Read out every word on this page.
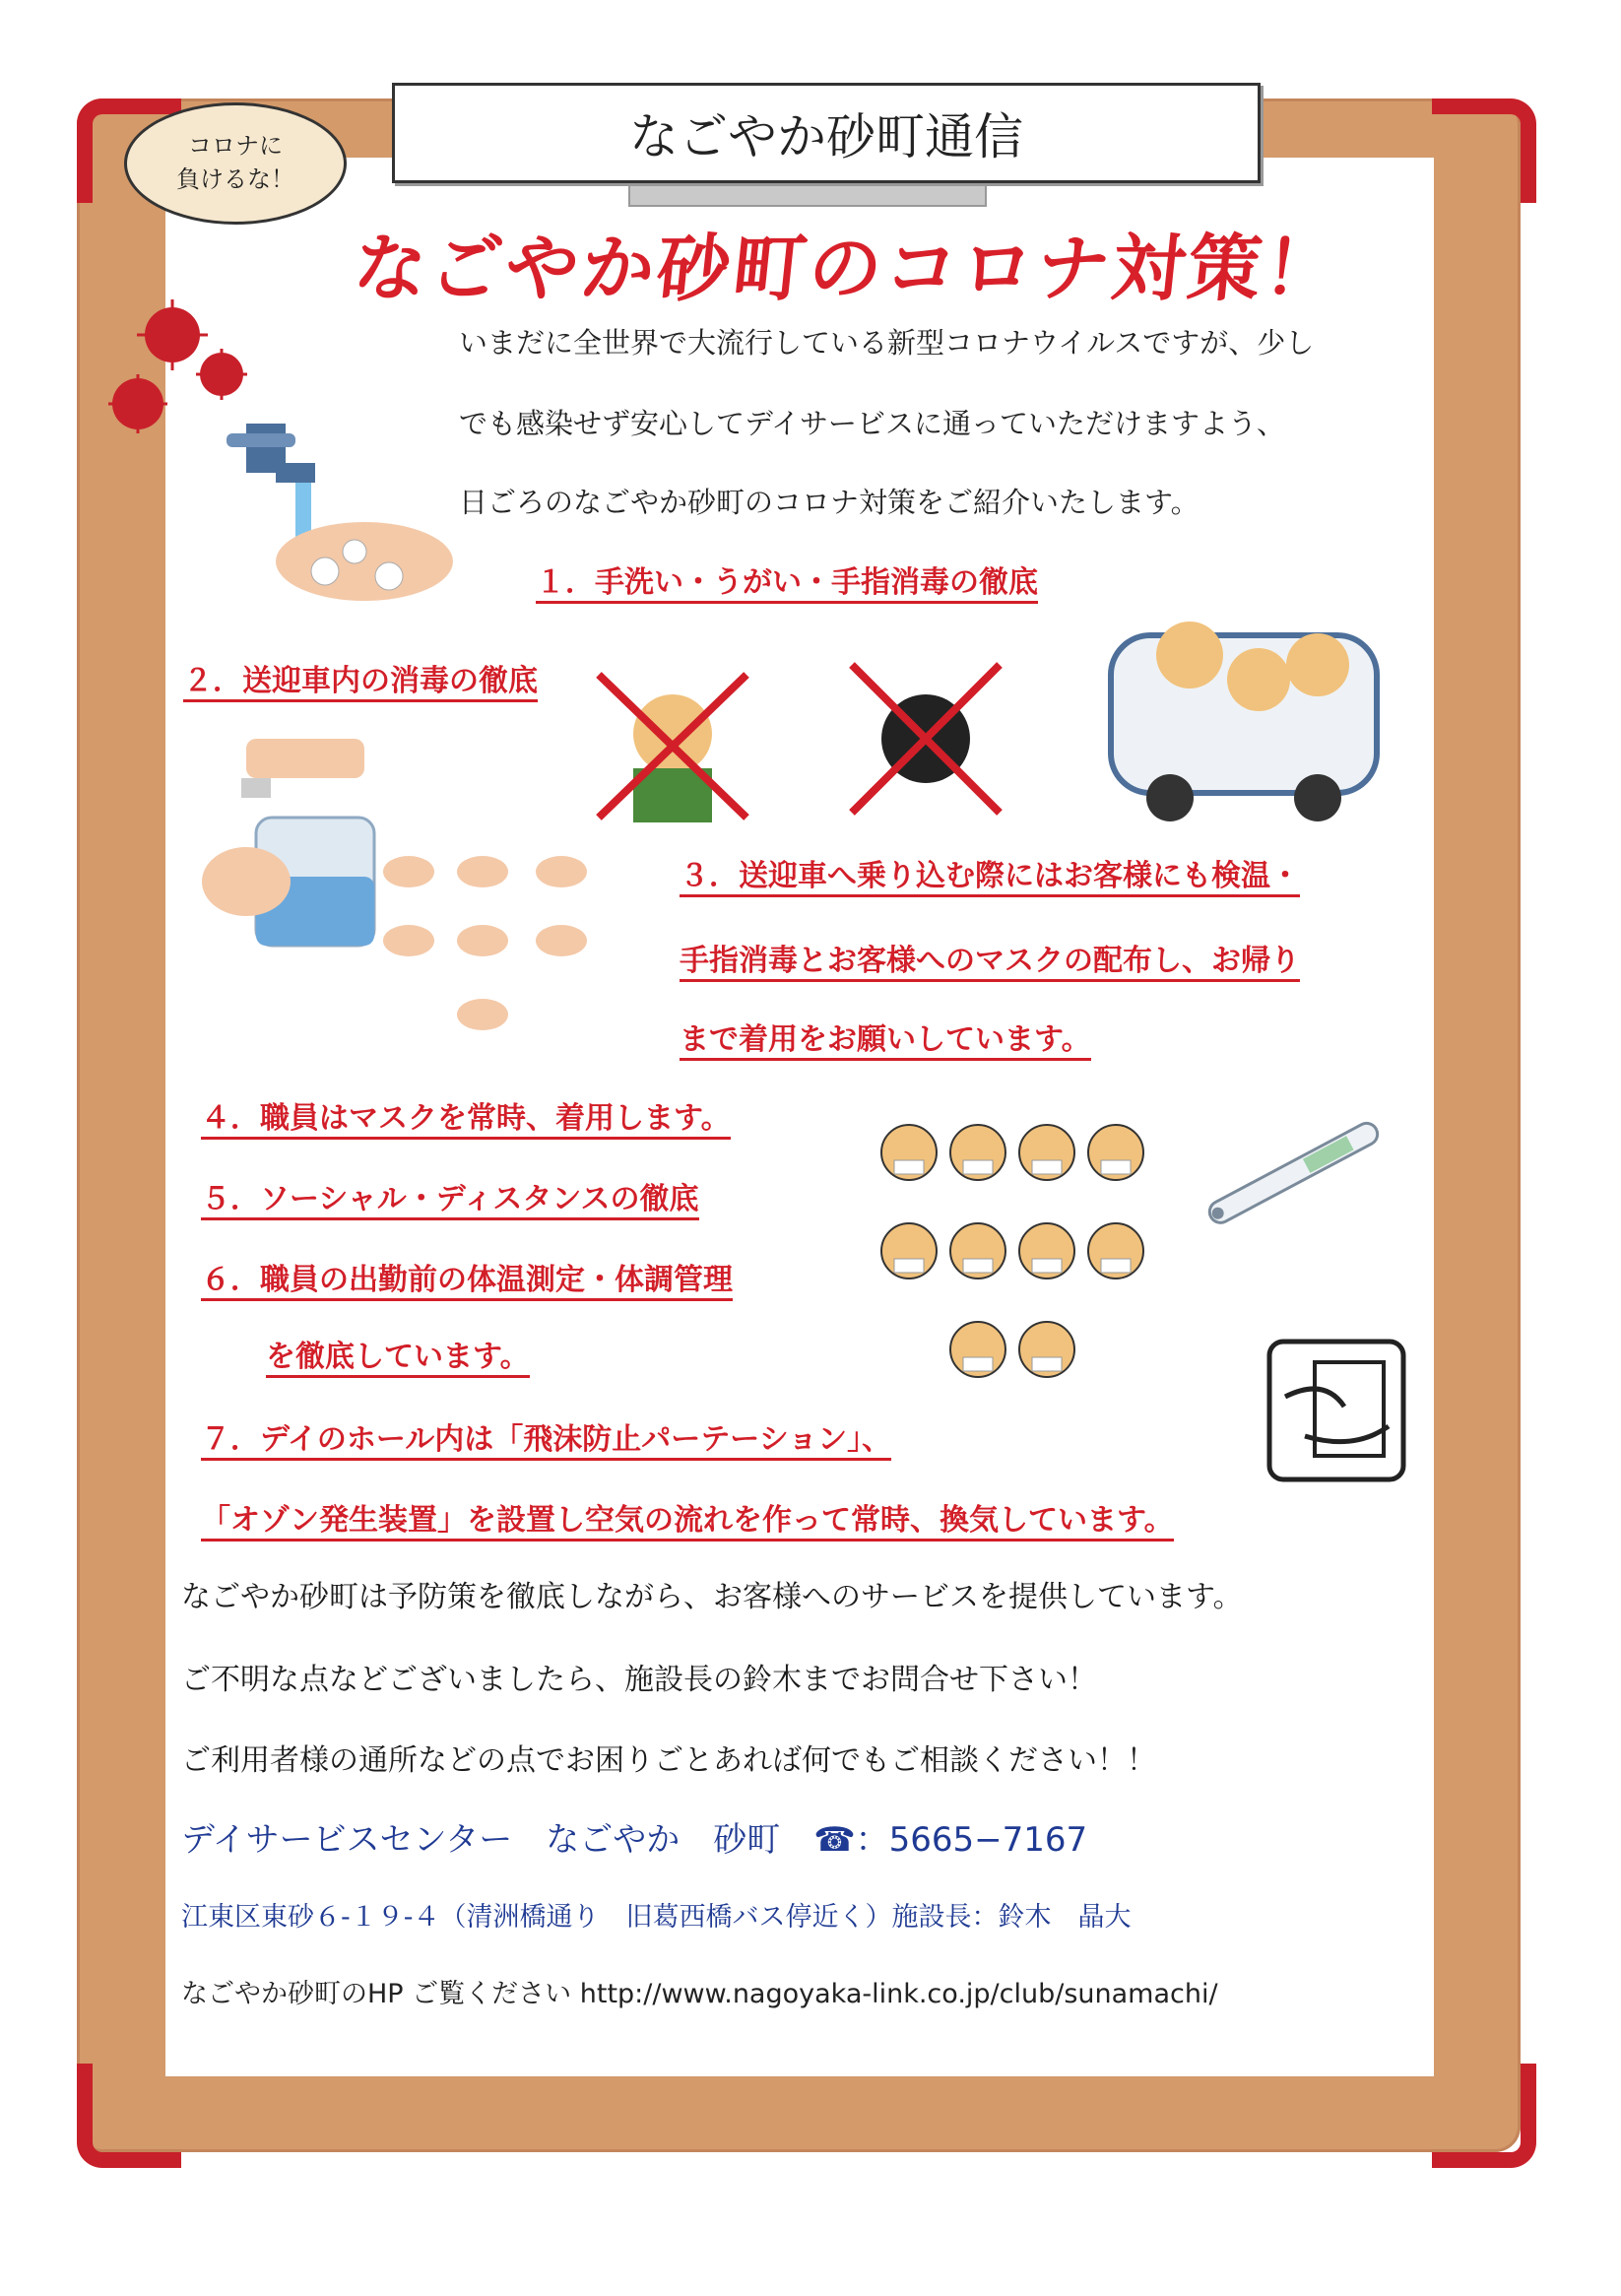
なごやか砂町通信
コロナに
負けるな！
なごやか砂町のコロナ対策！
いまだに全世界で大流行している新型コロナウイルスですが、少し
でも感染せず安心してデイサービスに通っていただけますよう、
日ごろのなごやか砂町のコロナ対策をご紹介いたします。
１．手洗い・うがい・手指消毒の徹底
２．送迎車内の消毒の徹底
３．送迎車へ乗り込む際にはお客様にも検温・
手指消毒とお客様へのマスクの配布し、お帰り
まで着用をお願いしています。
４．職員はマスクを常時、着用します。
５．ソーシャル・ディスタンスの徹底
６．職員の出勤前の体温測定・体調管理
を徹底しています。
７．デイのホール内は「飛沫防止パーテーション」、
「オゾン発生装置」を設置し空気の流れを作って常時、換気しています。
なごやか砂町は予防策を徹底しながら、お客様へのサービスを提供しています。
ご不明な点などございましたら、施設長の鈴木までお問合せ下さい！
ご利用者様の通所などの点でお困りごとあれば何でもご相談ください！！
デイサービスセンター　なごやか　砂町　☎：5665−7167
江東区東砂６-１９-４（清洲橋通り　旧葛西橋バス停近く）施設長：鈴木　晶大
なごやか砂町のHP ご覧ください http://www.nagoyaka-link.co.jp/club/sunamachi/
